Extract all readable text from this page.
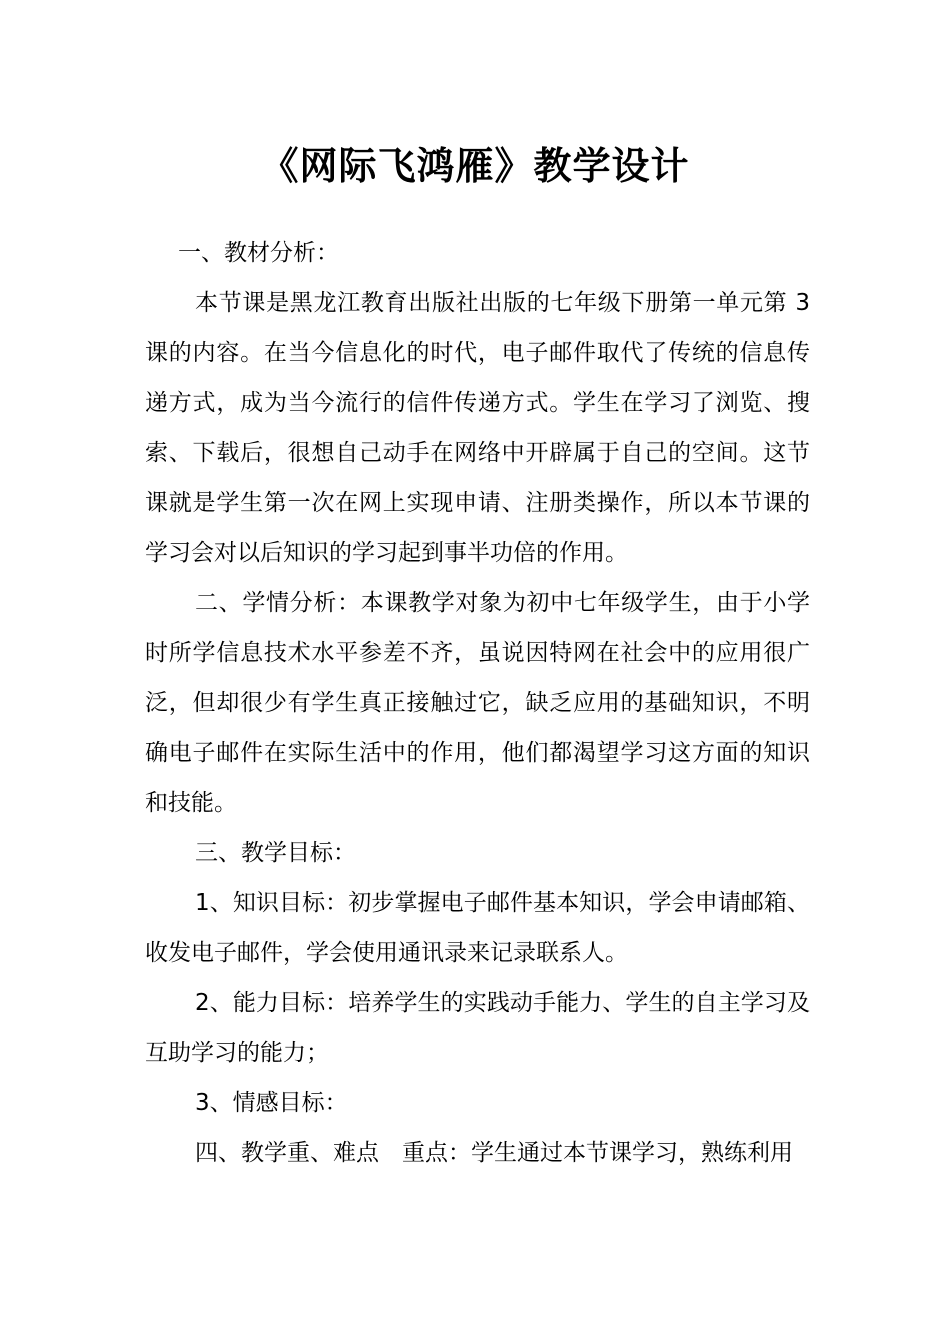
《网际飞鸿雁》教学设计

一、教材分析：

本节课是黑龙江教育出版社出版的七年级下册第一单元第 3 课的内容。在当今信息化的时代，电子邮件取代了传统的信息传递方式，成为当今流行的信件传递方式。学生在学习了浏览、搜索、下载后，很想自己动手在网络中开辟属于自己的空间。这节课就是学生第一次在网上实现申请、注册类操作，所以本节课的学习会对以后知识的学习起到事半功倍的作用。

二、学情分析：本课教学对象为初中七年级学生，由于小学时所学信息技术水平参差不齐，虽说因特网在社会中的应用很广泛，但却很少有学生真正接触过它，缺乏应用的基础知识，不明确电子邮件在实际生活中的作用，他们都渴望学习这方面的知识和技能。

三、教学目标：

1、知识目标：初步掌握电子邮件基本知识，学会申请邮箱、收发电子邮件，学会使用通讯录来记录联系人。

2、能力目标：培养学生的实践动手能力、学生的自主学习及互助学习的能力；

3、情感目标：

四、教学重、难点　重点：学生通过本节课学习，熟练利用
